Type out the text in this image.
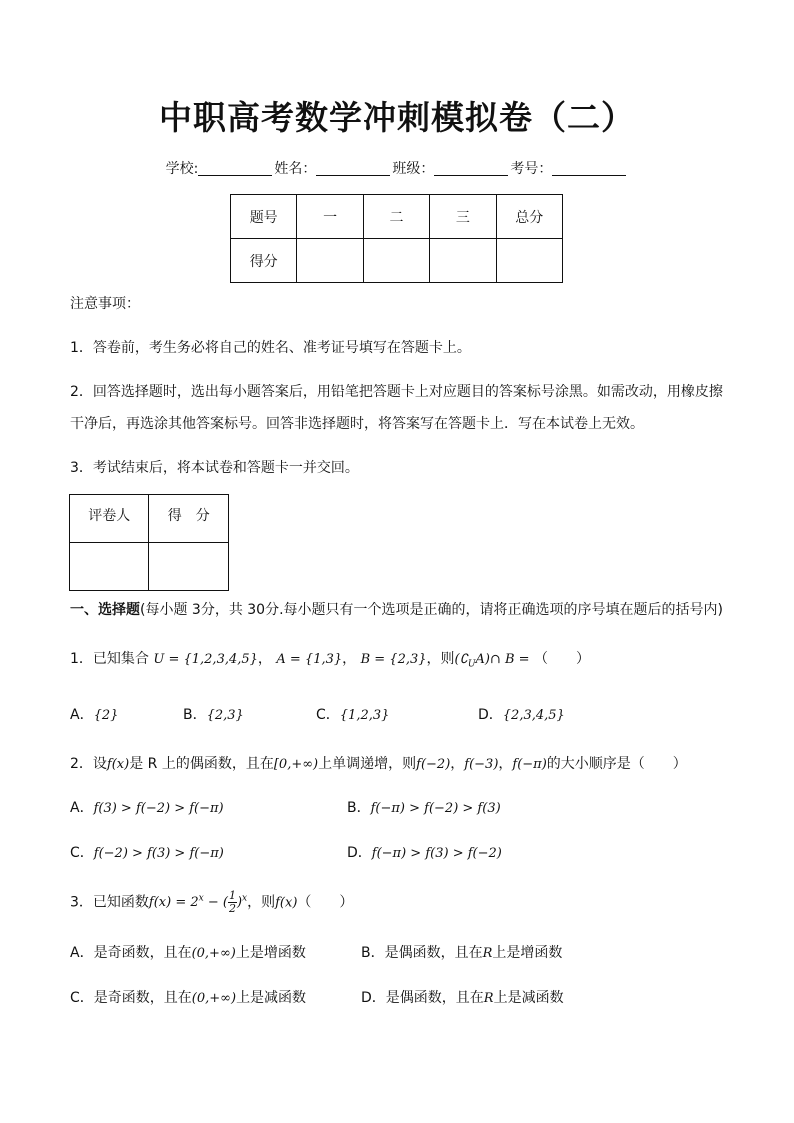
中职高考数学冲刺模拟卷（二）
学校:	姓名：	班级：	考号：
题号	一	二	三	总分
得分				
注意事项：
1．答卷前，考生务必将自己的姓名、准考证号填写在答题卡上。
2．回答选择题时，选出每小题答案后，用铅笔把答题卡上对应题目的答案标号涂黑。如需改动，用橡皮擦
干净后，再选涂其他答案标号。回答非选择题时，将答案写在答题卡上．写在本试卷上无效。
3．考试结束后，将本试卷和答题卡一并交回。
评卷人	得　分

一、选择题(每小题 3分，共 30分.每小题只有一个选项是正确的，请将正确选项的序号填在题后的括号内)
1．已知集合 U = {1,2,3,4,5}， A = {1,3}， B = {2,3}，则$(∁_UA)\cap$ B = （　　）
A．{2}	B．{2,3}	C．{1,2,3}	D．{2,3,4,5}
2．设f(x)是 R 上的偶函数，且在[0,+∞)上单调递增，则f(−2)，f(−3)，f(−π)的大小顺序是（　　）
A．f(3) > f(−2) > f(−π)	B．f(−π) > f(−2) > f(3)
C．f(−2) > f(3) > f(−π)	D．f(−π) > f(3) > f(−2)
3．已知函数$f(x) = 2^x$ − ( $\frac{1}{2} )^x$，则f(x)（　　）
A．是奇函数，且在(0,+∞)上是增函数	B．是偶函数，且在R上是增函数
C．是奇函数，且在(0,+∞)上是减函数	D．是偶函数，且在R上是减函数
